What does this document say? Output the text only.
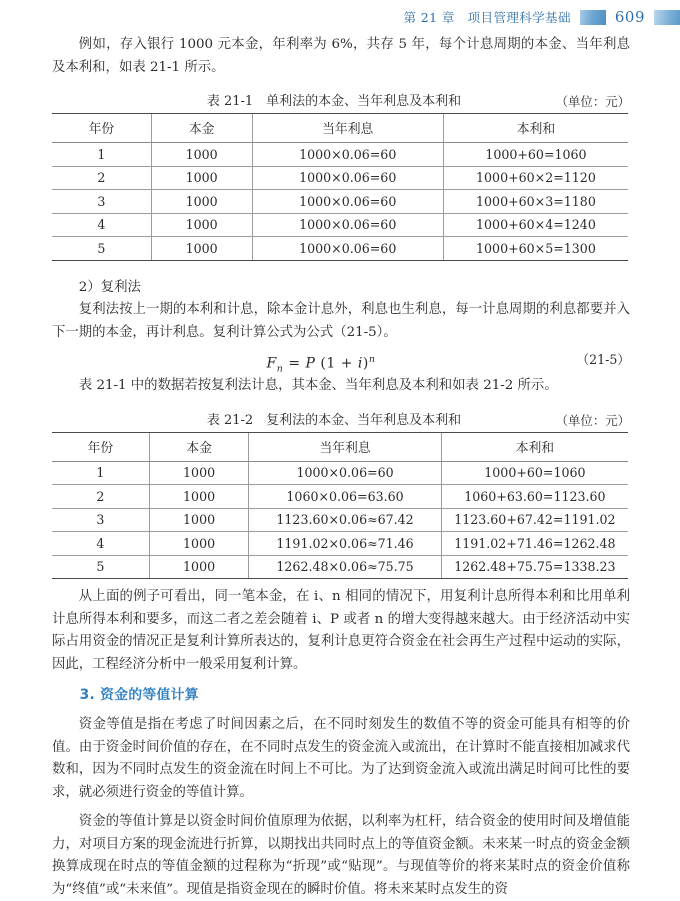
第 21 章　项目管理科学基础	609

例如，存入银行 1000 元本金，年利率为 6%，共存 5 年，每个计息周期的本金、当年利息及本利和，如表 21-1 所示。

表 21-1　单利法的本金、当年利息及本利和	（单位：元）
年份	本金	当年利息	本利和
1	1000	1000×0.06=60	1000+60=1060
2	1000	1000×0.06=60	1000+60×2=1120
3	1000	1000×0.06=60	1000+60×3=1180
4	1000	1000×0.06=60	1000+60×4=1240
5	1000	1000×0.06=60	1000+60×5=1300

2）复利法

复利法按上一期的本利和计息，除本金计息外，利息也生利息，每一计息周期的利息都要并入下一期的本金，再计利息。复利计算公式为公式（21-5）。

$F_n = P$ $(1 + i)^n$	（21-5）

表 21-1 中的数据若按复利法计息，其本金、当年利息及本利和如表 21-2 所示。

表 21-2　复利法的本金、当年利息及本利和	（单位：元）
年份	本金	当年利息	本利和
1	1000	1000×0.06=60	1000+60=1060
2	1000	1060×0.06=63.60	1060+63.60=1123.60
3	1000	1123.60×0.06≈67.42	1123.60+67.42=1191.02
4	1000	1191.02×0.06≈71.46	1191.02+71.46=1262.48
5	1000	1262.48×0.06≈75.75	1262.48+75.75=1338.23

从上面的例子可看出，同一笔本金，在 i、n 相同的情况下，用复利计息所得本利和比用单利计息所得本利和要多，而这二者之差会随着 i、P 或者 n 的增大变得越来越大。由于经济活动中实际占用资金的情况正是复利计算所表达的，复利计息更符合资金在社会再生产过程中运动的实际，因此，工程经济分析中一般采用复利计算。

3. 资金的等值计算

资金等值是指在考虑了时间因素之后，在不同时刻发生的数值不等的资金可能具有相等的价值。由于资金时间价值的存在，在不同时点发生的资金流入或流出，在计算时不能直接相加减求代数和，因为不同时点发生的资金流在时间上不可比。为了达到资金流入或流出满足时间可比性的要求，就必须进行资金的等值计算。

资金的等值计算是以资金时间价值原理为依据，以利率为杠杆，结合资金的使用时间及增值能力，对项目方案的现金流进行折算，以期找出共同时点上的等值资金额。未来某一时点的资金金额换算成现在时点的等值金额的过程称为“折现”或“贴现”。与现值等价的将来某时点的资金价值称为“终值”或“未来值”。现值是指资金现在的瞬时价值。将未来某时点发生的资
